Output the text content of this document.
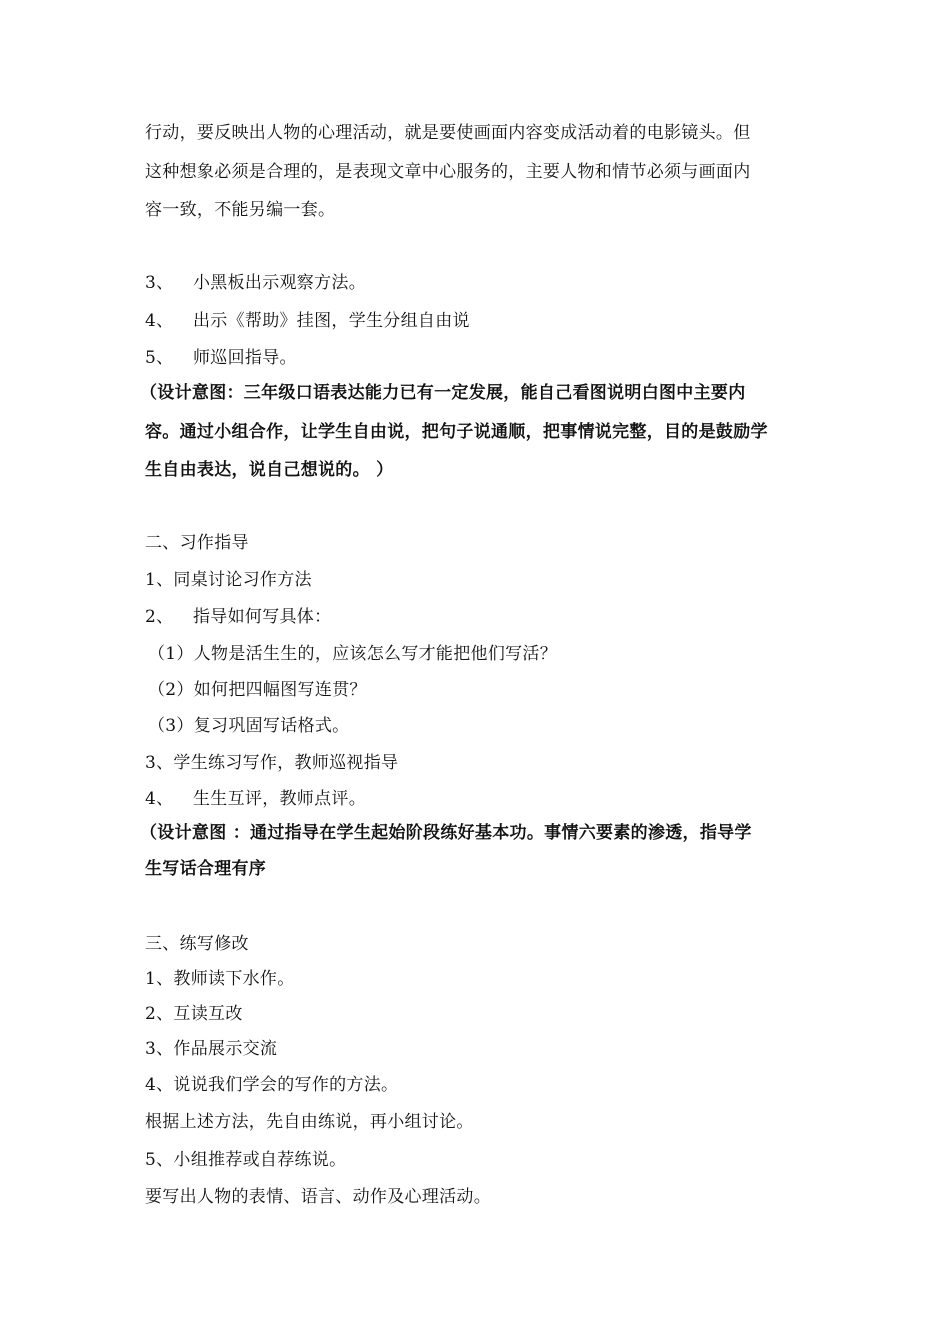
行动，要反映出人物的心理活动，就是要使画面内容变成活动着的电影镜头。但
这种想象必须是合理的，是表现文章中心服务的，主要人物和情节必须与画面内
容一致，不能另编一套。
3、 小黑板出示观察方法。
4、 出示《帮助》挂图，学生分组自由说
5、 师巡回指导。
（设计意图：三年级口语表达能力已有一定发展，能自己看图说明白图中主要内
容。通过小组合作，让学生自由说，把句子说通顺，把事情说完整，目的是鼓励学
生自由表达，说自己想说的。 ）
二、习作指导
1、同桌讨论习作方法
2、 指导如何写具体：
（1）人物是活生生的，应该怎么写才能把他们写活？
（2）如何把四幅图写连贯？
（3）复习巩固写话格式。
3、学生练习写作，教师巡视指导
4、 生生互评，教师点评。
（设计意图 ：通过指导在学生起始阶段练好基本功。事情六要素的渗透，指导学
生写话合理有序
三、练写修改
1、教师读下水作。
2、互读互改
3、作品展示交流
4、说说我们学会的写作的方法。
根据上述方法，先自由练说，再小组讨论。
5、小组推荐或自荐练说。
要写出人物的表情、语言、动作及心理活动。
